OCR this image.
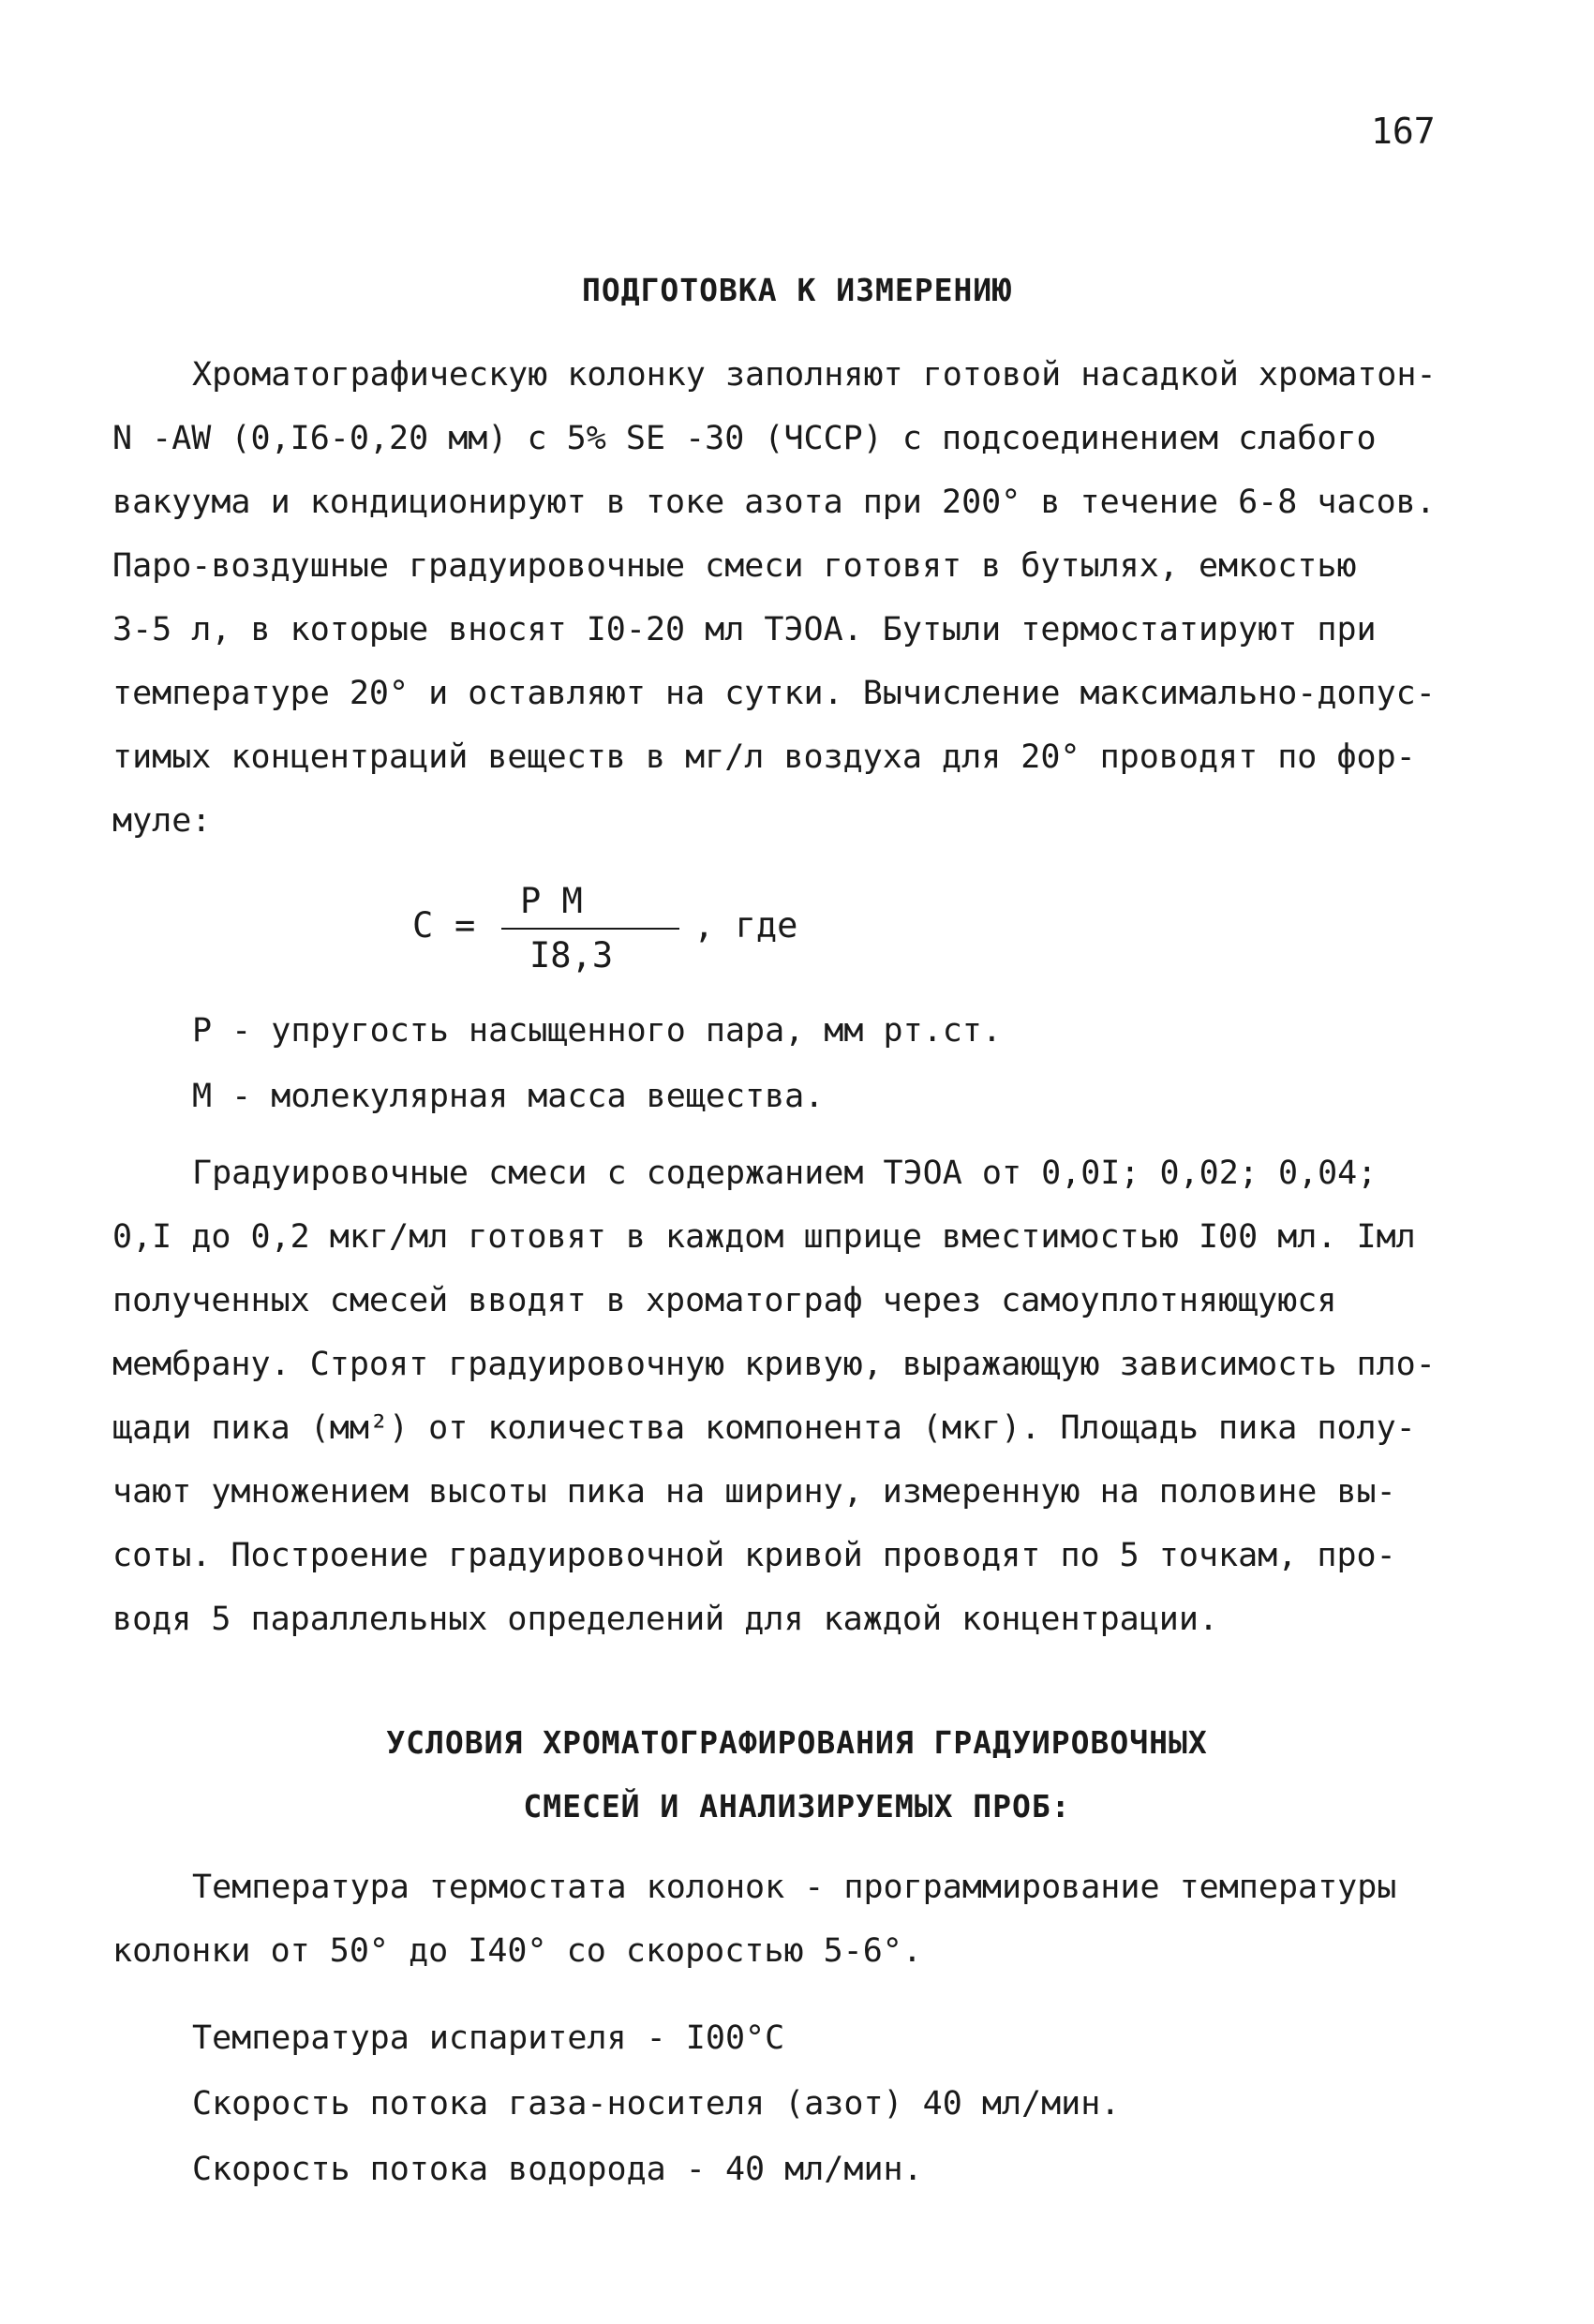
167
ПОДГОТОВКА К ИЗМЕРЕНИЮ
Хроматографическую колонку заполняют готовой насадкой хроматон-
N -AW (0,I6-0,20 мм) с 5% SE -30 (ЧССР) с подсоединением слабого
вакуума и кондиционируют в токе азота при 200° в течение 6-8 часов.
Паро-воздушные градуировочные смеси готовят в бутылях, емкостью
3-5 л, в которые вносят I0-20 мл ТЭОА. Бутыли термостатируют при
температуре 20° и оставляют на сутки. Вычисление максимально-допус-
тимых концентраций веществ в мг/л воздуха для 20° проводят по фор-
муле:
С =
Р М
I8,3
, где
Р - упругость насыщенного пара, мм рт.ст.
М - молекулярная масса вещества.
Градуировочные смеси с содержанием ТЭОА от 0,0I; 0,02; 0,04;
0,I до 0,2 мкг/мл готовят в каждом шприце вместимостью I00 мл. Iмл
полученных смесей вводят в хроматограф через самоуплотняющуюся
мембрану. Строят градуировочную кривую, выражающую зависимость пло-
щади пика (мм²) от количества компонента (мкг). Площадь пика полу-
чают умножением высоты пика на ширину, измеренную на половине вы-
соты. Построение градуировочной кривой проводят по 5 точкам, про-
водя 5 параллельных определений для каждой концентрации.
УСЛОВИЯ ХРОМАТОГРАФИРОВАНИЯ ГРАДУИРОВОЧНЫХ
СМЕСЕЙ И АНАЛИЗИРУЕМЫХ ПРОБ:
Температура термостата колонок - программирование температуры
колонки от 50° до I40° со скоростью 5-6°.
Температура испарителя - I00°С
Скорость потока газа-носителя (азот) 40 мл/мин.
Скорость потока водорода - 40 мл/мин.
